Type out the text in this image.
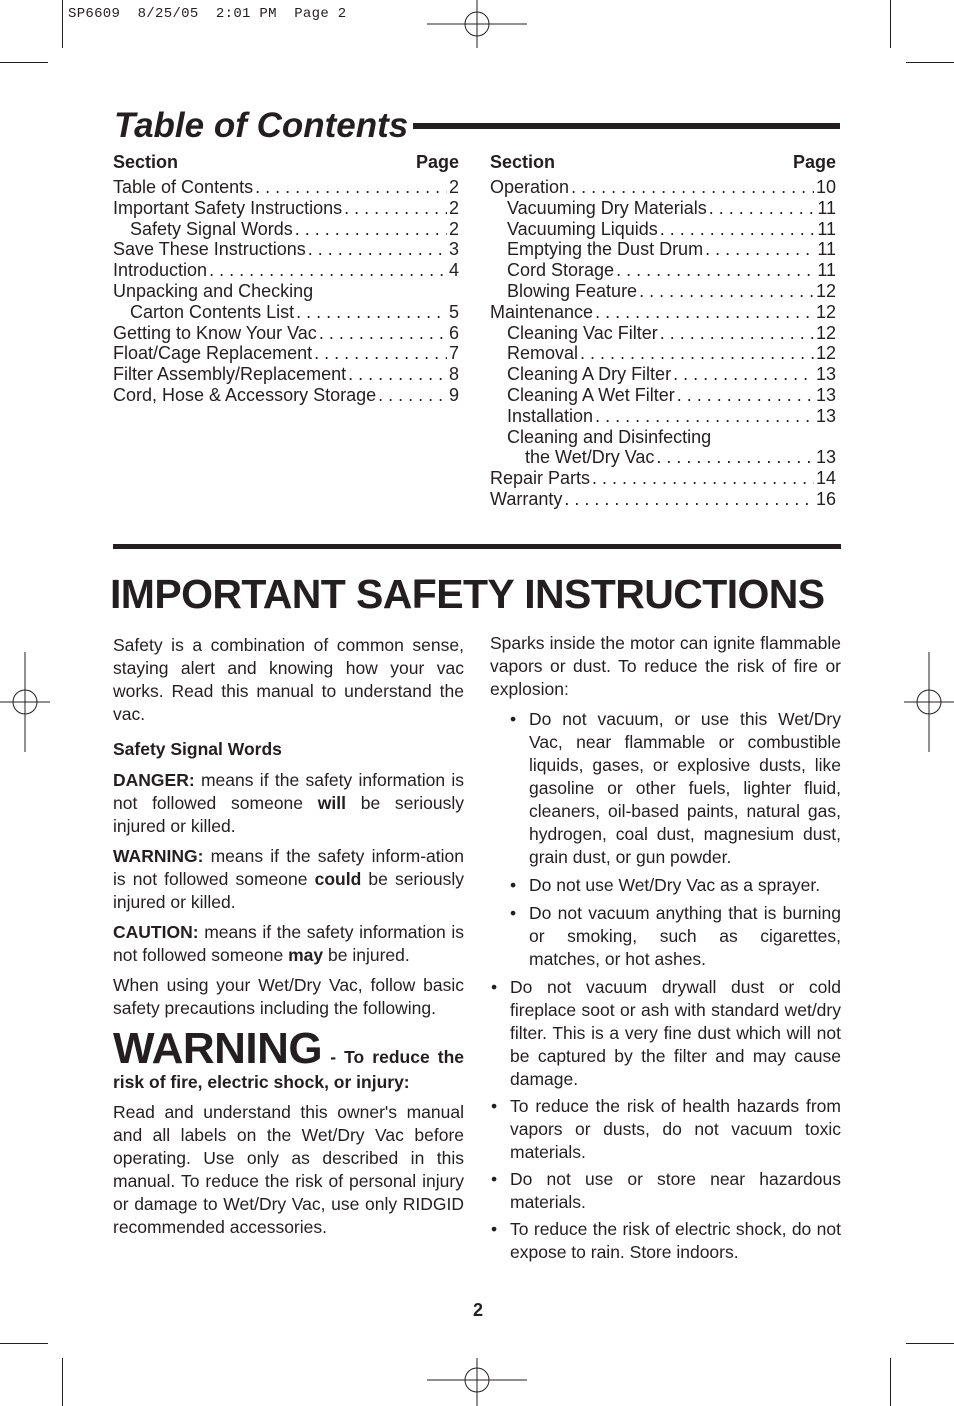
SP6609  8/25/05  2:01 PM  Page 2
Table of Contents
Section	Page
Table of Contents . . .	2
Important Safety Instructions . . .	2
Safety Signal Words . . .	2
Save These Instructions . . .	3
Introduction . . .	4
Unpacking and Checking
Carton Contents List . . .	5
Getting to Know Your Vac . . .	6
Float/Cage Replacement . . .	7
Filter Assembly/Replacement . . .	8
Cord, Hose & Accessory Storage . . .	9
Section	Page
Operation . . .	10
Vacuuming Dry Materials . . .	11
Vacuuming Liquids . . .	11
Emptying the Dust Drum . . .	11
Cord Storage . . .	11
Blowing Feature . . .	12
Maintenance . . .	12
Cleaning Vac Filter . . .	12
Removal . . .	12
Cleaning A Dry Filter . . .	13
Cleaning A Wet Filter . . .	13
Installation . . .	13
Cleaning and Disinfecting
the Wet/Dry Vac . . .	13
Repair Parts . . .	14
Warranty . . .	16
IMPORTANT SAFETY INSTRUCTIONS

Safety is a combination of common sense, staying alert and knowing how your vac works. Read this manual to understand the vac.

Safety Signal Words

DANGER: means if the safety information is not followed someone will be seriously injured or killed.

WARNING: means if the safety inform-ation is not followed someone could be seriously injured or killed.

CAUTION: means if the safety information is not followed someone may be injured.

When using your Wet/Dry Vac, follow basic safety precautions including the following.

WARNING - To reduce the risk of fire, electric shock, or injury:

Read and understand this owner's manual and all labels on the Wet/Dry Vac before operating. Use only as described in this manual. To reduce the risk of personal injury or damage to Wet/Dry Vac, use only RIDGID recommended accessories.

Sparks inside the motor can ignite flammable vapors or dust. To reduce the risk of fire or explosion:

• Do not vacuum, or use this Wet/Dry Vac, near flammable or combustible liquids, gases, or explosive dusts, like gasoline or other fuels, lighter fluid, cleaners, oil-based paints, natural gas, hydrogen, coal dust, magnesium dust, grain dust, or gun powder.
• Do not use Wet/Dry Vac as a sprayer.
• Do not vacuum anything that is burning or smoking, such as cigarettes, matches, or hot ashes.
• Do not vacuum drywall dust or cold fireplace soot or ash with standard wet/dry filter. This is a very fine dust which will not be captured by the filter and may cause damage.
• To reduce the risk of health hazards from vapors or dusts, do not vacuum toxic materials.
• Do not use or store near hazardous materials.
• To reduce the risk of electric shock, do not expose to rain. Store indoors.
2
